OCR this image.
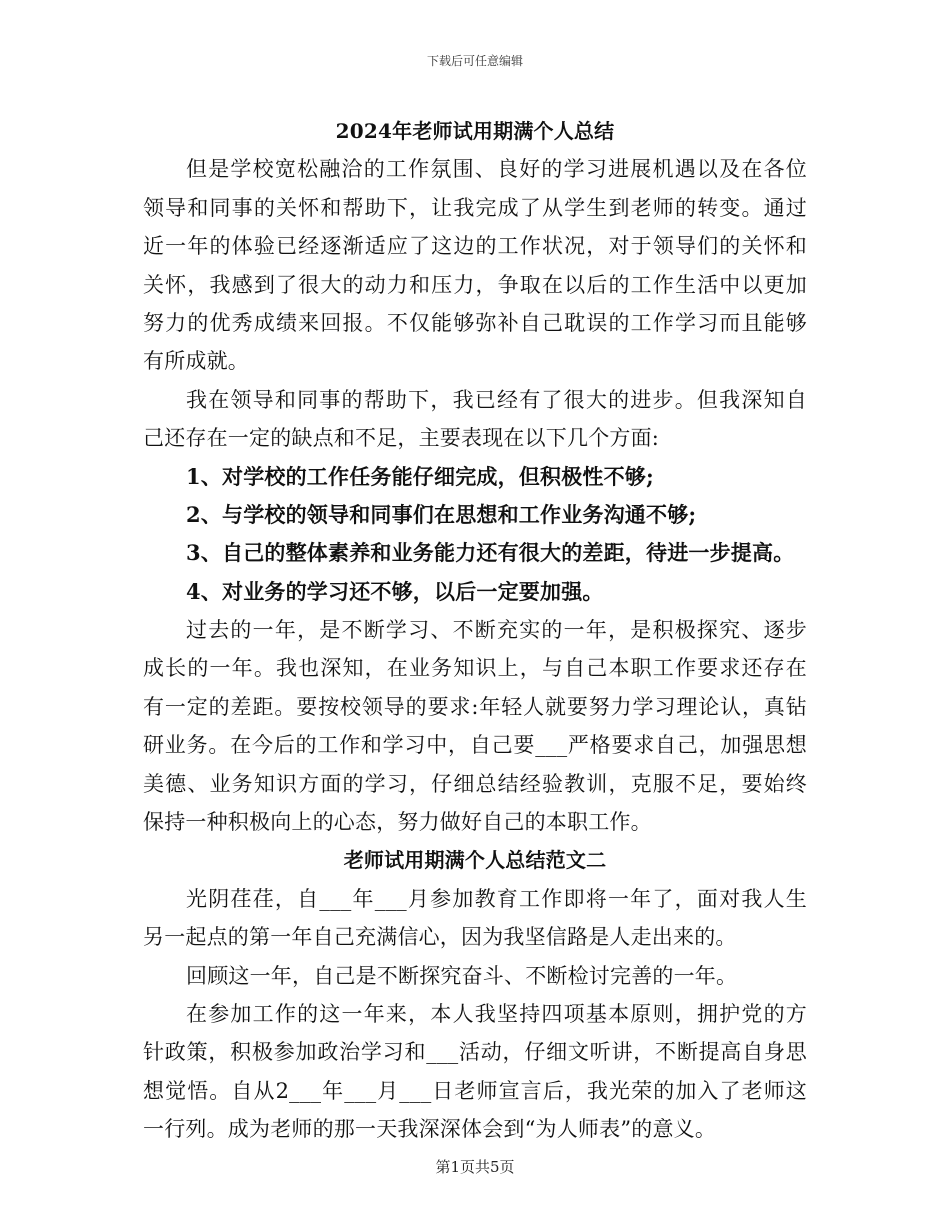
下载后可任意编辑
2024年老师试用期满个人总结
但是学校宽松融洽的工作氛围、良好的学习进展机遇以及在各位
领导和同事的关怀和帮助下，让我完成了从学生到老师的转变。通过
近一年的体验已经逐渐适应了这边的工作状况，对于领导们的关怀和
关怀，我感到了很大的动力和压力，争取在以后的工作生活中以更加
努力的优秀成绩来回报。不仅能够弥补自己耽误的工作学习而且能够
有所成就。
我在领导和同事的帮助下，我已经有了很大的进步。但我深知自
己还存在一定的缺点和不足，主要表现在以下几个方面:
1、对学校的工作任务能仔细完成，但积极性不够;
2、与学校的领导和同事们在思想和工作业务沟通不够;
3、自己的整体素养和业务能力还有很大的差距，待进一步提高。
4、对业务的学习还不够，以后一定要加强。
过去的一年，是不断学习、不断充实的一年，是积极探究、逐步
成长的一年。我也深知，在业务知识上，与自己本职工作要求还存在
有一定的差距。要按校领导的要求:年轻人就要努力学习理论认，真钻
研业务。在今后的工作和学习中，自己要___严格要求自己，加强思想
美德、业务知识方面的学习，仔细总结经验教训，克服不足，要始终
保持一种积极向上的心态，努力做好自己的本职工作。
老师试用期满个人总结范文二
光阴荏荏，自___年___月参加教育工作即将一年了，面对我人生
另一起点的第一年自己充满信心，因为我坚信路是人走出来的。
回顾这一年，自己是不断探究奋斗、不断检讨完善的一年。
在参加工作的这一年来，本人我坚持四项基本原则，拥护党的方
针政策，积极参加政治学习和___活动，仔细文听讲，不断提高自身思
想觉悟。自从2___年___月___日老师宣言后，我光荣的加入了老师这
一行列。成为老师的那一天我深深体会到“为人师表”的意义。
第1页共5页
